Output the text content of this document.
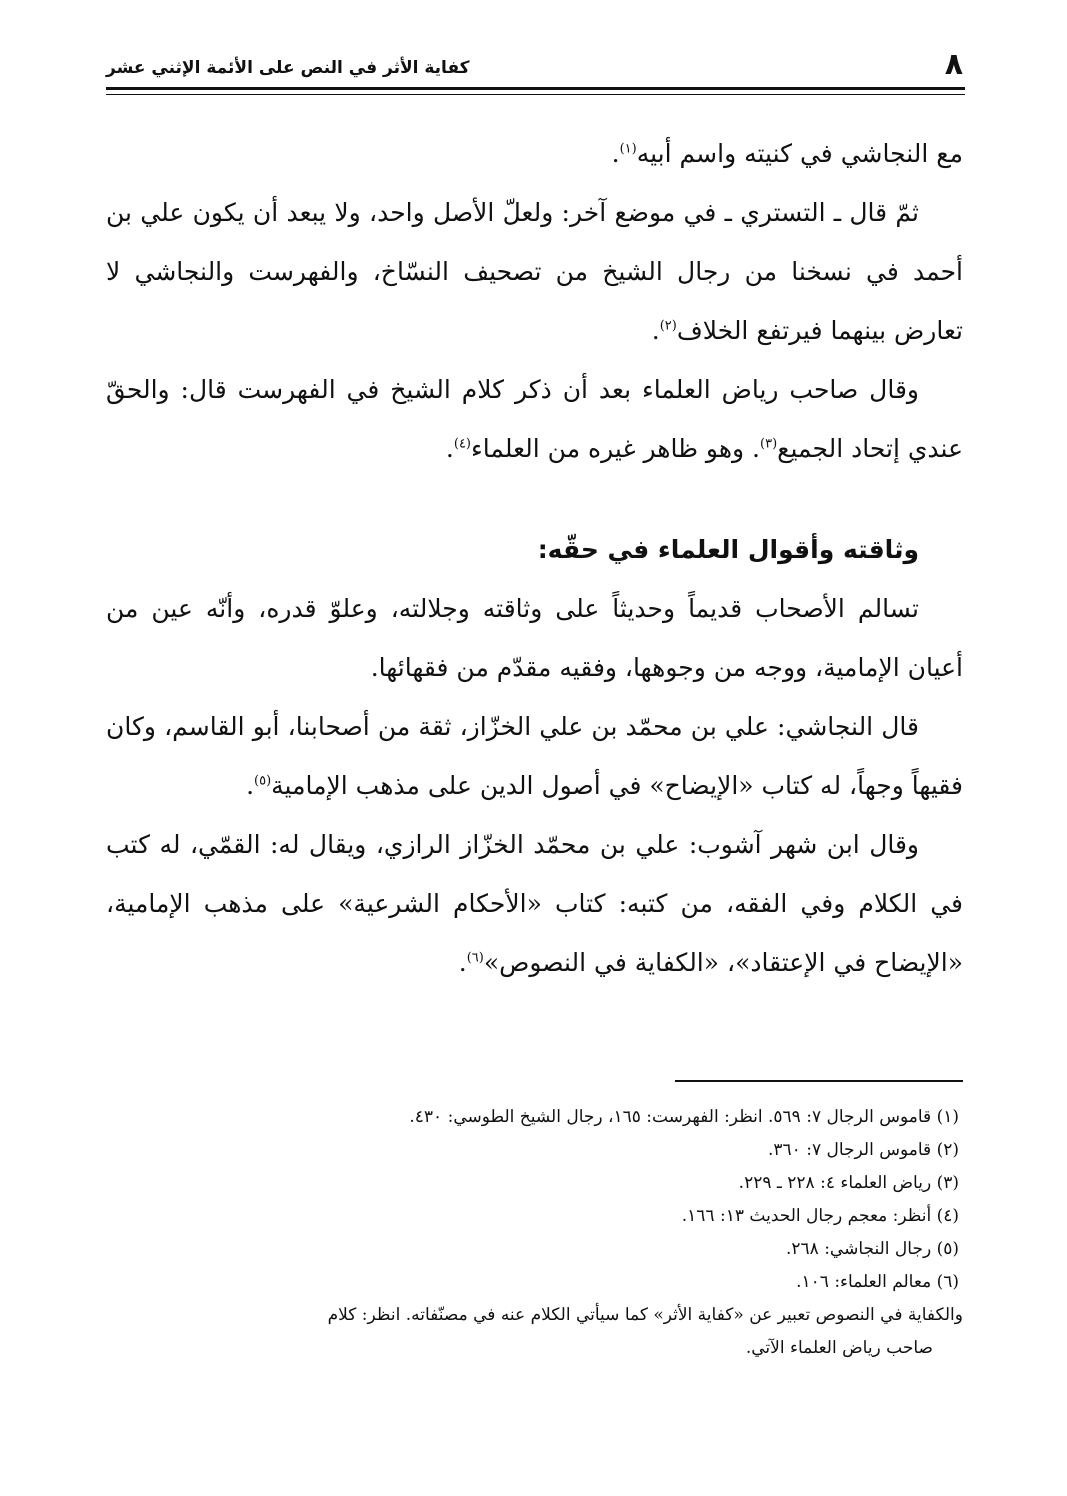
٨
كفاية الأثر في النص على الأئمة الإثني عشر

مع النجاشي في كنيته واسم أبيه$^{(١)}$.

ثمّ قال ـ التستري ـ في موضع آخر: ولعلّ الأصل واحد، ولا يبعد أن يكون علي بن أحمد في نسخنا من رجال الشيخ من تصحيف النسّاخ، والفهرست والنجاشي لا تعارض بينهما فيرتفع الخلاف$^{(٢)}$.

وقال صاحب رياض العلماء بعد أن ذكر كلام الشيخ في الفهرست قال: والحقّ عندي إتحاد الجميع$^{(٣)}$. وهو ظاهر غيره من العلماء$^{(٤)}$.

وثاقته وأقوال العلماء في حقّه:

تسالم الأصحاب قديماً وحديثاً على وثاقته وجلالته، وعلوّ قدره، وأنّه عين من أعيان الإمامية، ووجه من وجوهها، وفقيه مقدّم من فقهائها.

قال النجاشي: علي بن محمّد بن علي الخزّاز، ثقة من أصحابنا، أبو القاسم، وكان فقيهاً وجهاً، له كتاب «الإيضاح» في أصول الدين على مذهب الإمامية$^{(٥)}$.

وقال ابن شهر آشوب: علي بن محمّد الخزّاز الرازي، ويقال له: القمّي، له كتب في الكلام وفي الفقه، من كتبه: كتاب «الأحكام الشرعية» على مذهب الإمامية، «الإيضاح في الإعتقاد»، «الكفاية في النصوص»$^{(٦)}$.

(١) قاموس الرجال ٧: ٥٦٩. انظر: الفهرست: ١٦٥، رجال الشيخ الطوسي: ٤٣٠.

(٢) قاموس الرجال ٧: ٣٦٠.

(٣) رياض العلماء ٤: ٢٢٨ ـ ٢٢٩.

(٤) أنظر: معجم رجال الحديث ١٣: ١٦٦.

(٥) رجال النجاشي: ٢٦٨.

(٦) معالم العلماء: ١٠٦.

والكفاية في النصوص تعبير عن «كفاية الأثر» كما سيأتي الكلام عنه في مصنّفاته. انظر: كلام

صاحب رياض العلماء الآتي.
